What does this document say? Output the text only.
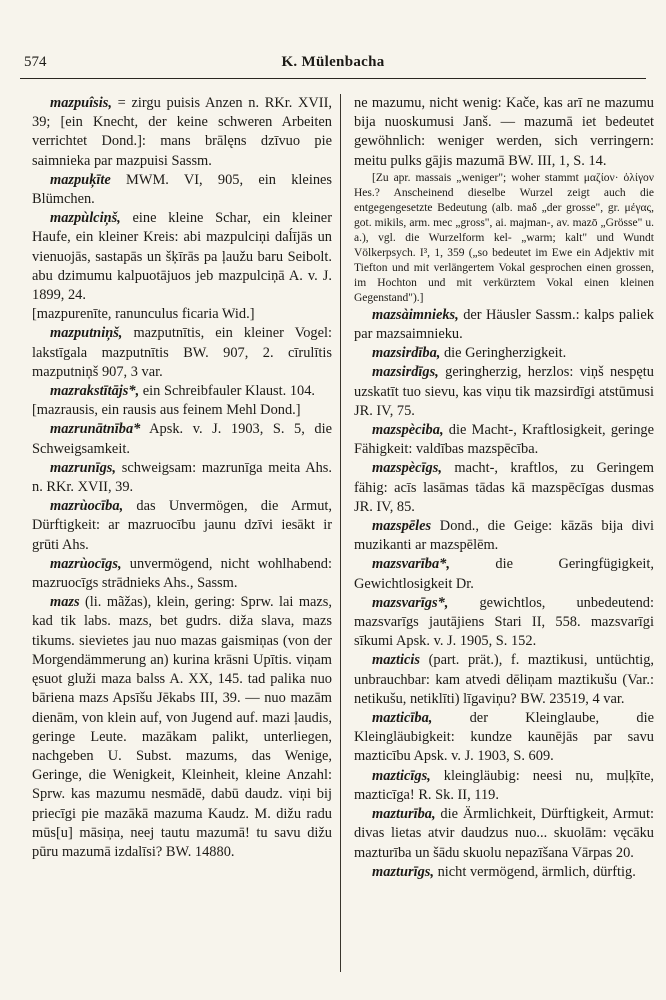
574	K. Mülenbacha

mazpuîsis, = zirgu puisis Anzen n. RKr. XVII, 39; [ein Knecht, der keine schweren Arbeiten verrichtet Dond.]: mans brālęns dzīvuo pie saimnieka par mazpuisi Sassm.

mazpuķīte MWM. VI, 905, ein kleines Blümchen.

mazpùlciņš, eine kleine Schar, ein kleiner Haufe, ein kleiner Kreis: abi mazpulciņi daĺījās un vienuojās, sastapās un šķīrās pa ļaužu baru Seibolt. abu dzimumu kalpuotājuos jeb mazpulciņā A. v. J. 1899, 24.

[mazpurenīte, ranunculus ficaria Wid.]

mazputniņš, mazputnītis, ein kleiner Vogel: lakstīgala mazputnītis BW. 907, 2. cīrulītis mazputniņš 907, 3 var.

mazrakstītājs*, ein Schreibfauler Klaust. 104.

[mazrausis, ein rausis aus feinem Mehl Dond.]

mazrunātnība* Apsk. v. J. 1903, S. 5, die Schweigsamkeit.

mazrunīgs, schweigsam: mazrunīga meita Ahs. n. RKr. XVII, 39.

mazrùocība, das Unvermögen, die Armut, Dürftigkeit: ar mazruocību jaunu dzīvi iesākt ir grūti Ahs.

mazrùocīgs, unvermögend, nicht wohlhabend: mazruocīgs strādnieks Ahs., Sassm.

mazs (li. mãžas), klein, gering: Sprw. lai mazs, kad tik labs. mazs, bet gudrs. diža slava, mazs tikums. sievietes jau nuo mazas gaismiņas (von der Morgendämmerung an) kurina krāsni Upītis. viņam ęsuot gluži maza balss A. XX, 145. tad palika nuo bāriena mazs Apsīšu Jēkabs III, 39. — nuo mazām dienām, von klein auf, von Jugend auf. mazi ļaudis, geringe Leute. mazākam palikt, unterliegen, nachgeben U. Subst. mazums, das Wenige, Geringe, die Wenigkeit, Kleinheit, kleine Anzahl: Sprw. kas mazumu nesmādē, dabū daudz. viņi bij priecīgi pie mazākā mazuma Kaudz. M. dižu radu mūs[u] māsiņa, neej tautu mazumā! tu savu dižu pūru mazumā izdalīsi? BW. 14880.

ne mazumu, nicht wenig: Kače, kas arī ne mazumu bija nuoskumusi Janš. — mazumā iet bedeutet gewöhnlich: weniger werden, sich verringern: meitu pulks gājis mazumā BW. III, 1, S. 14.

[Zu apr. massais „weniger"; woher stammt μαζίον· ὀλίγον Hes.? Anscheinend dieselbe Wurzel zeigt auch die entgegengesetzte Bedeutung (alb. maδ „der grosse", gr. μέγας, got. mikils, arm. mec „gross", ai. majman-, av. mazō „Grösse" u. a.), vgl. die Wurzelform kel- „warm; kalt" und Wundt Völkerpsych. I³, 1, 359 („so bedeutet im Ewe ein Adjektiv mit Tiefton und mit verlängertem Vokal gesprochen einen grossen, im Hochton und mit verkürztem Vokal einen kleinen Gegenstand").]

mazsàimnieks, der Häusler Sassm.: kalps paliek par mazsaimnieku.

mazsirdība, die Geringherzigkeit.

mazsirdīgs, geringherzig, herzlos: viņš nespętu uzskatīt tuo sievu, kas viņu tik mazsirdīgi atstūmusi JR. IV, 75.

mazspèciba, die Macht-, Kraftlosigkeit, geringe Fähigkeit: valdības mazspēcība.

mazspècīgs, macht-, kraftlos, zu Geringem fähig: acīs lasāmas tādas kā mazspēcīgas dusmas JR. IV, 85.

mazspēles Dond., die Geige: kāzās bija divi muzikanti ar mazspēlēm.

mazsvarība*, die Geringfügigkeit, Gewichtlosigkeit Dr.

mazsvarīgs*, gewichtlos, unbedeutend: mazsvarīgs jautājiens Stari II, 558. mazsvarīgi sīkumi Apsk. v. J. 1905, S. 152.

mazticis (part. prät.), f. maztikusi, untüchtig, unbrauchbar: kam atvedi dēliņam maztikušu (Var.: netikušu, netiklīti) līgaviņu? BW. 23519, 4 var.

mazticība, der Kleinglaube, die Kleingläubigkeit: kundze kaunējās par savu mazticību Apsk. v. J. 1903, S. 609.

mazticīgs, kleingläubig: neesi nu, muļķīte, mazticīga! R. Sk. II, 119.

mazturība, die Ärmlichkeit, Dürftigkeit, Armut: divas lietas atvir daudzus nuo... skuolām: vęcāku mazturība un šādu skuolu nepazīšana Vārpas 20.

mazturīgs, nicht vermögend, ärmlich, dürftig.
